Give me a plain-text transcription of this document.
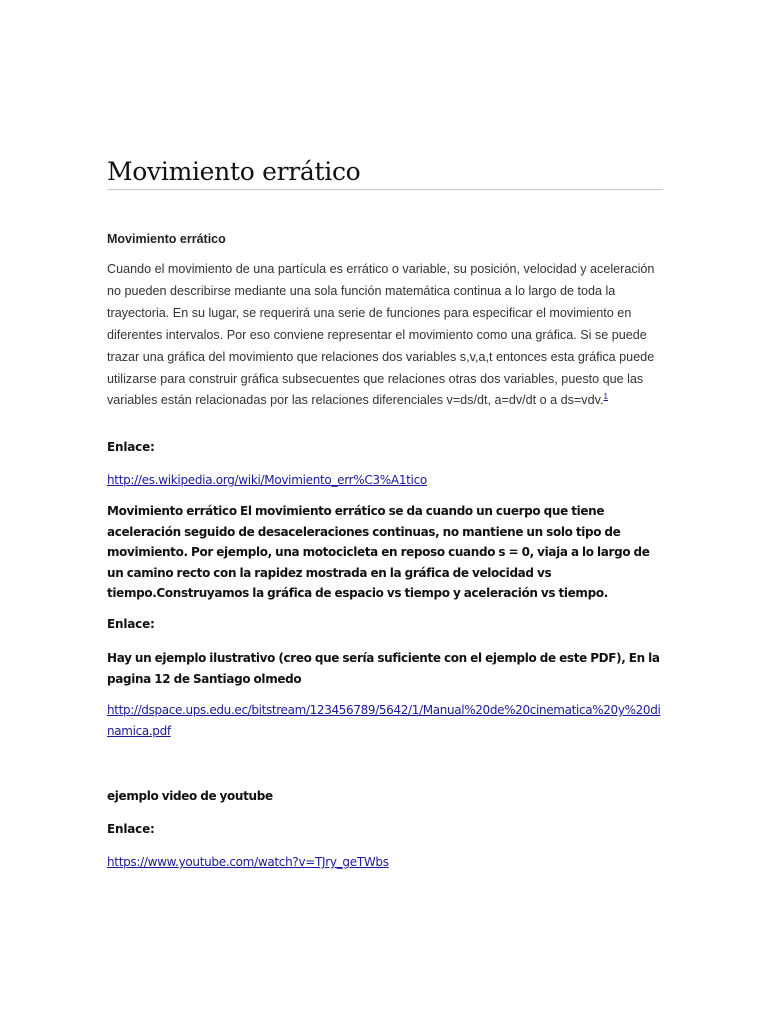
Movimiento errático
Movimiento errático

Cuando el movimiento de una partícula es errático o variable, su posición, velocidad y aceleración no pueden describirse mediante una sola función matemática continua a lo largo de toda la trayectoria. En su lugar, se requerirá una serie de funciones para especificar el movimiento en diferentes intervalos. Por eso conviene representar el movimiento como una gráfica. Si se puede trazar una gráfica del movimiento que relaciones dos variables s,v,a,t entonces esta gráfica puede utilizarse para construir gráfica subsecuentes que relaciones otras dos variables, puesto que las variables están relacionadas por las relaciones diferenciales v=ds/dt, a=dv/dt o a ds=vdv.$^1$

Enlace:

http://es.wikipedia.org/wiki/Movimiento_err%C3%A1tico

Movimiento errático El movimiento errático se da cuando un cuerpo que tiene aceleración seguido de desaceleraciones continuas, no mantiene un solo tipo de movimiento. Por ejemplo, una motocicleta en reposo cuando s = 0, viaja a lo largo de un camino recto con la rapidez mostrada en la gráfica de velocidad vs tiempo.Construyamos la gráfica de espacio vs tiempo y aceleración vs tiempo.

Enlace:

Hay un ejemplo ilustrativo (creo que sería suficiente con el ejemplo de este PDF), En la pagina 12 de Santiago olmedo

http://dspace.ups.edu.ec/bitstream/123456789/5642/1/Manual%20de%20cinematica%20y%20dinamica.pdf

ejemplo video de youtube

Enlace:

https://www.youtube.com/watch?v=TJry_geTWbs
